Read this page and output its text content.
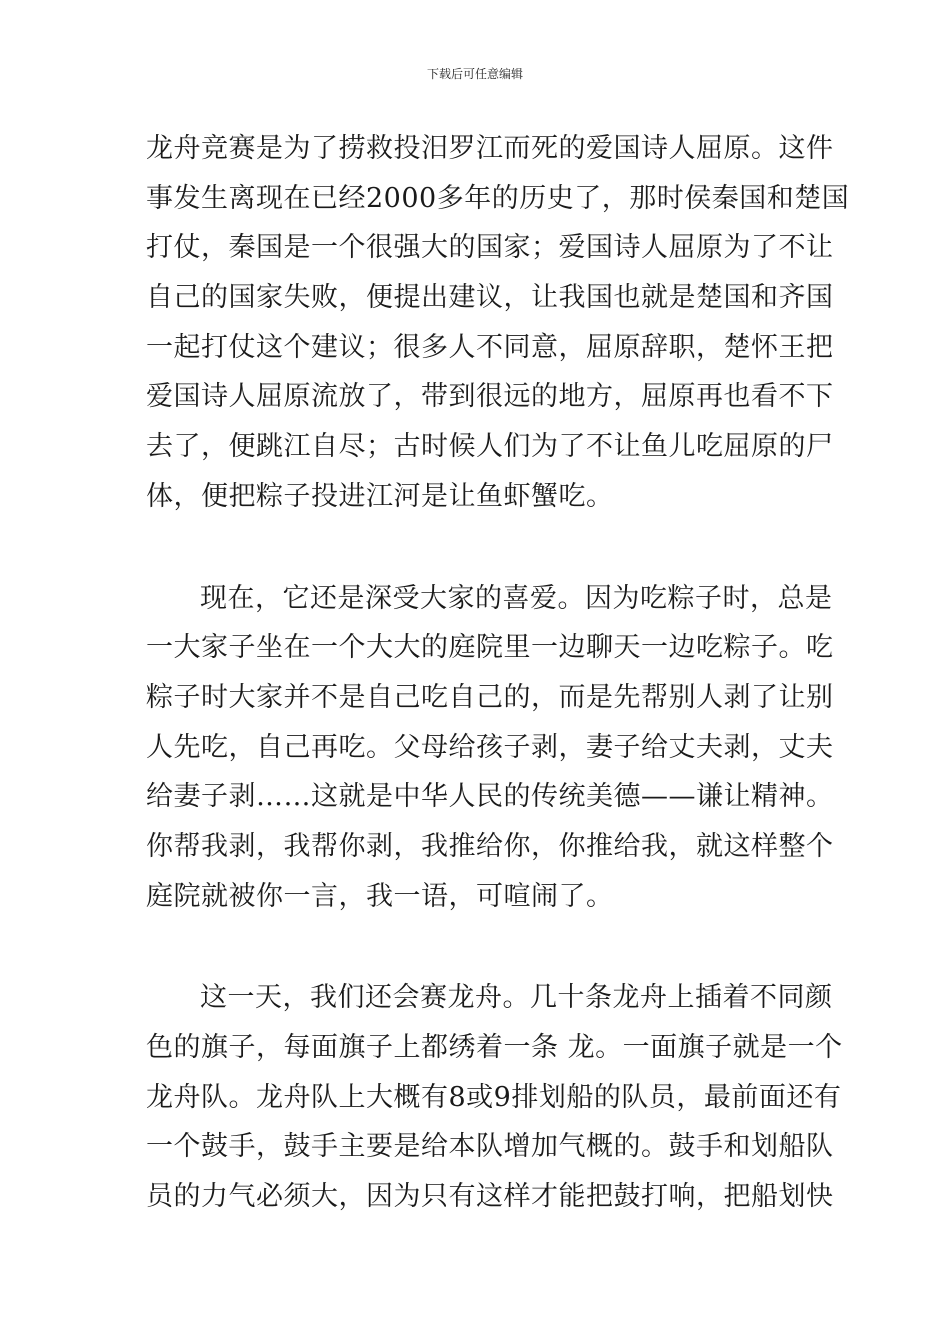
下载后可任意编辑
龙舟竞赛是为了捞救投汨罗江而死的爱国诗人屈原。这件
事发生离现在已经2000多年的历史了，那时侯秦国和楚国
打仗，秦国是一个很强大的国家；爱国诗人屈原为了不让
自己的国家失败，便提出建议，让我国也就是楚国和齐国
一起打仗这个建议；很多人不同意，屈原辞职，楚怀王把
爱国诗人屈原流放了，带到很远的地方，屈原再也看不下
去了，便跳江自尽；古时候人们为了不让鱼儿吃屈原的尸
体，便把粽子投进江河是让鱼虾蟹吃。
现在，它还是深受大家的喜爱。因为吃粽子时，总是
一大家子坐在一个大大的庭院里一边聊天一边吃粽子。吃
粽子时大家并不是自己吃自己的，而是先帮别人剥了让别
人先吃，自己再吃。父母给孩子剥，妻子给丈夫剥，丈夫
给妻子剥……这就是中华人民的传统美德——谦让精神。
你帮我剥，我帮你剥，我推给你，你推给我，就这样整个
庭院就被你一言，我一语，可喧闹了。
这一天，我们还会赛龙舟。几十条龙舟上插着不同颜
色的旗子，每面旗子上都绣着一条 龙。一面旗子就是一个
龙舟队。龙舟队上大概有8或9排划船的队员，最前面还有
一个鼓手，鼓手主要是给本队增加气概的。鼓手和划船队
员的力气必须大，因为只有这样才能把鼓打响，把船划快
